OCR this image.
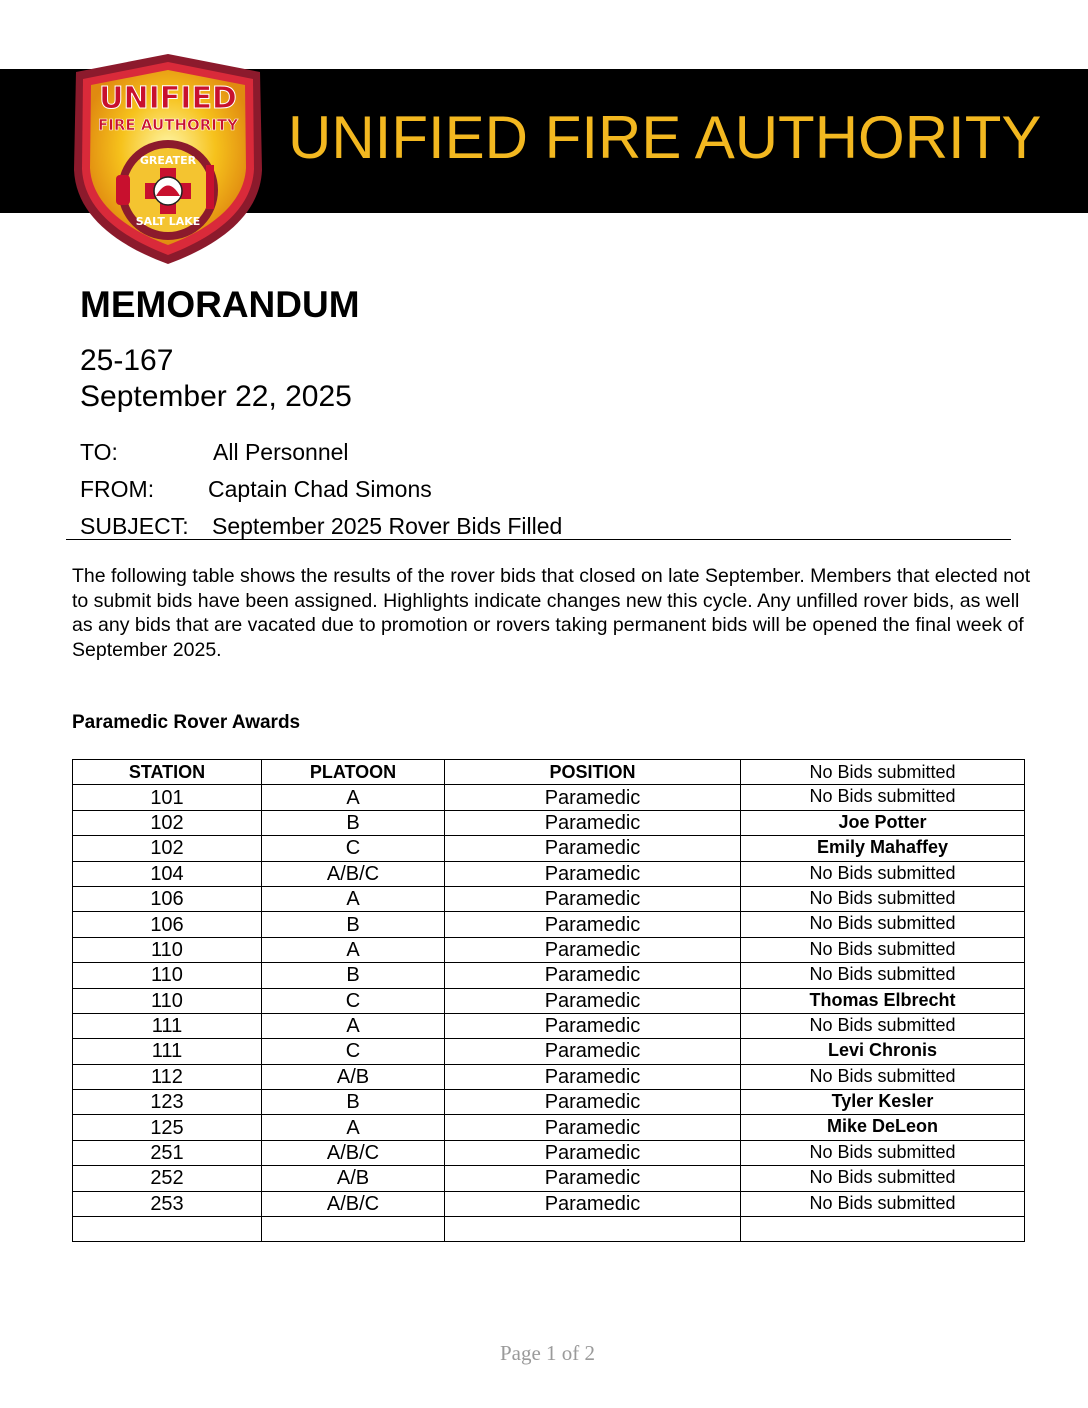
UNIFIED FIRE AUTHORITY
UNIFIED
FIRE AUTHORITY
GREATER
SALT LAKE
MEMORANDUM
25-167
September 22, 2025
TO:	All Personnel
FROM: Captain Chad Simons
SUBJECT: September 2025 Rover Bids Filled
The following table shows the results of the rover bids that closed on late September. Members that elected not to submit bids have been assigned. Highlights indicate changes new this cycle. Any unfilled rover bids, as well as any bids that are vacated due to promotion or rovers taking permanent bids will be opened the final week of September 2025.
Paramedic Rover Awards
STATION	PLATOON	POSITION	No Bids submitted
101	A	Paramedic	No Bids submitted
102	B	Paramedic	Joe Potter
102	C	Paramedic	Emily Mahaffey
104	A/B/C	Paramedic	No Bids submitted
106	A	Paramedic	No Bids submitted
106	B	Paramedic	No Bids submitted
110	A	Paramedic	No Bids submitted
110	B	Paramedic	No Bids submitted
110	C	Paramedic	Thomas Elbrecht
111	A	Paramedic	No Bids submitted
111	C	Paramedic	Levi Chronis
112	A/B	Paramedic	No Bids submitted
123	B	Paramedic	Tyler Kesler
125	A	Paramedic	Mike DeLeon
251	A/B/C	Paramedic	No Bids submitted
252	A/B	Paramedic	No Bids submitted
253	A/B/C	Paramedic	No Bids submitted

Page 1 of 2
